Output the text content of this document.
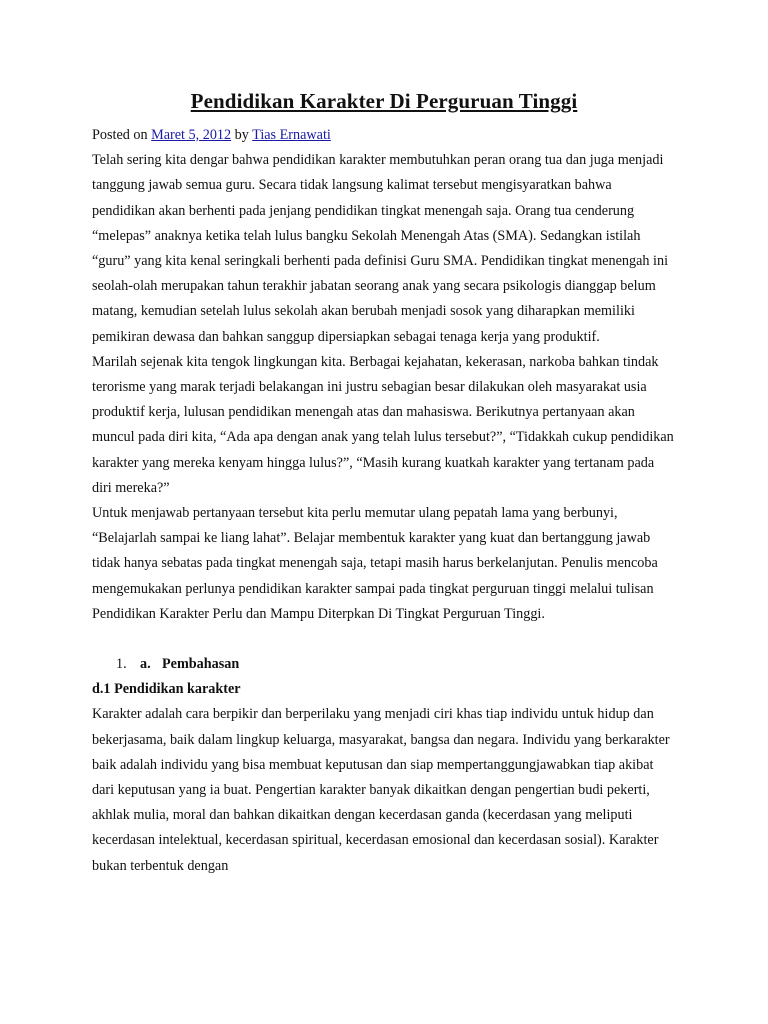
Pendidikan Karakter Di Perguruan Tinggi

Posted on Maret 5, 2012 by Tias Ernawati

Telah sering kita dengar bahwa pendidikan karakter membutuhkan peran orang tua dan juga menjadi tanggung jawab semua guru. Secara tidak langsung kalimat tersebut mengisyaratkan bahwa pendidikan akan berhenti pada jenjang pendidikan tingkat menengah saja. Orang tua cenderung “melepas” anaknya ketika telah lulus bangku Sekolah Menengah Atas (SMA). Sedangkan istilah “guru” yang kita kenal seringkali berhenti pada definisi Guru SMA. Pendidikan tingkat menengah ini seolah-olah merupakan tahun terakhir jabatan seorang anak yang secara psikologis dianggap belum matang, kemudian setelah lulus sekolah akan berubah menjadi sosok yang diharapkan memiliki pemikiran dewasa dan bahkan sanggup dipersiapkan sebagai tenaga kerja yang produktif.

Marilah sejenak kita tengok lingkungan kita. Berbagai kejahatan, kekerasan, narkoba bahkan tindak terorisme yang marak terjadi belakangan ini justru sebagian besar dilakukan oleh masyarakat usia produktif kerja, lulusan pendidikan menengah atas dan mahasiswa. Berikutnya pertanyaan akan muncul pada diri kita, “Ada apa dengan anak yang telah lulus tersebut?”, “Tidakkah cukup pendidikan karakter yang mereka kenyam hingga lulus?”, “Masih kurang kuatkah karakter yang tertanam pada diri mereka?”

Untuk menjawab pertanyaan tersebut kita perlu memutar ulang pepatah lama yang berbunyi, “Belajarlah sampai ke liang lahat”. Belajar membentuk karakter yang kuat dan bertanggung jawab tidak hanya sebatas pada tingkat menengah saja, tetapi masih harus berkelanjutan. Penulis mencoba mengemukakan perlunya pendidikan karakter sampai pada tingkat perguruan tinggi melalui tulisan Pendidikan Karakter Perlu dan Mampu Diterpkan Di Tingkat Perguruan Tinggi.

1. a. Pembahasan

d.1 Pendidikan karakter

Karakter adalah cara berpikir dan berperilaku yang menjadi ciri khas tiap individu untuk hidup dan bekerjasama, baik dalam lingkup keluarga, masyarakat, bangsa dan negara. Individu yang berkarakter baik adalah individu yang bisa membuat keputusan dan siap mempertanggungjawabkan tiap akibat dari keputusan yang ia buat. Pengertian karakter banyak dikaitkan dengan pengertian budi pekerti, akhlak mulia, moral dan bahkan dikaitkan dengan kecerdasan ganda (kecerdasan yang meliputi kecerdasan intelektual, kecerdasan spiritual, kecerdasan emosional dan kecerdasan sosial). Karakter bukan terbentuk dengan
